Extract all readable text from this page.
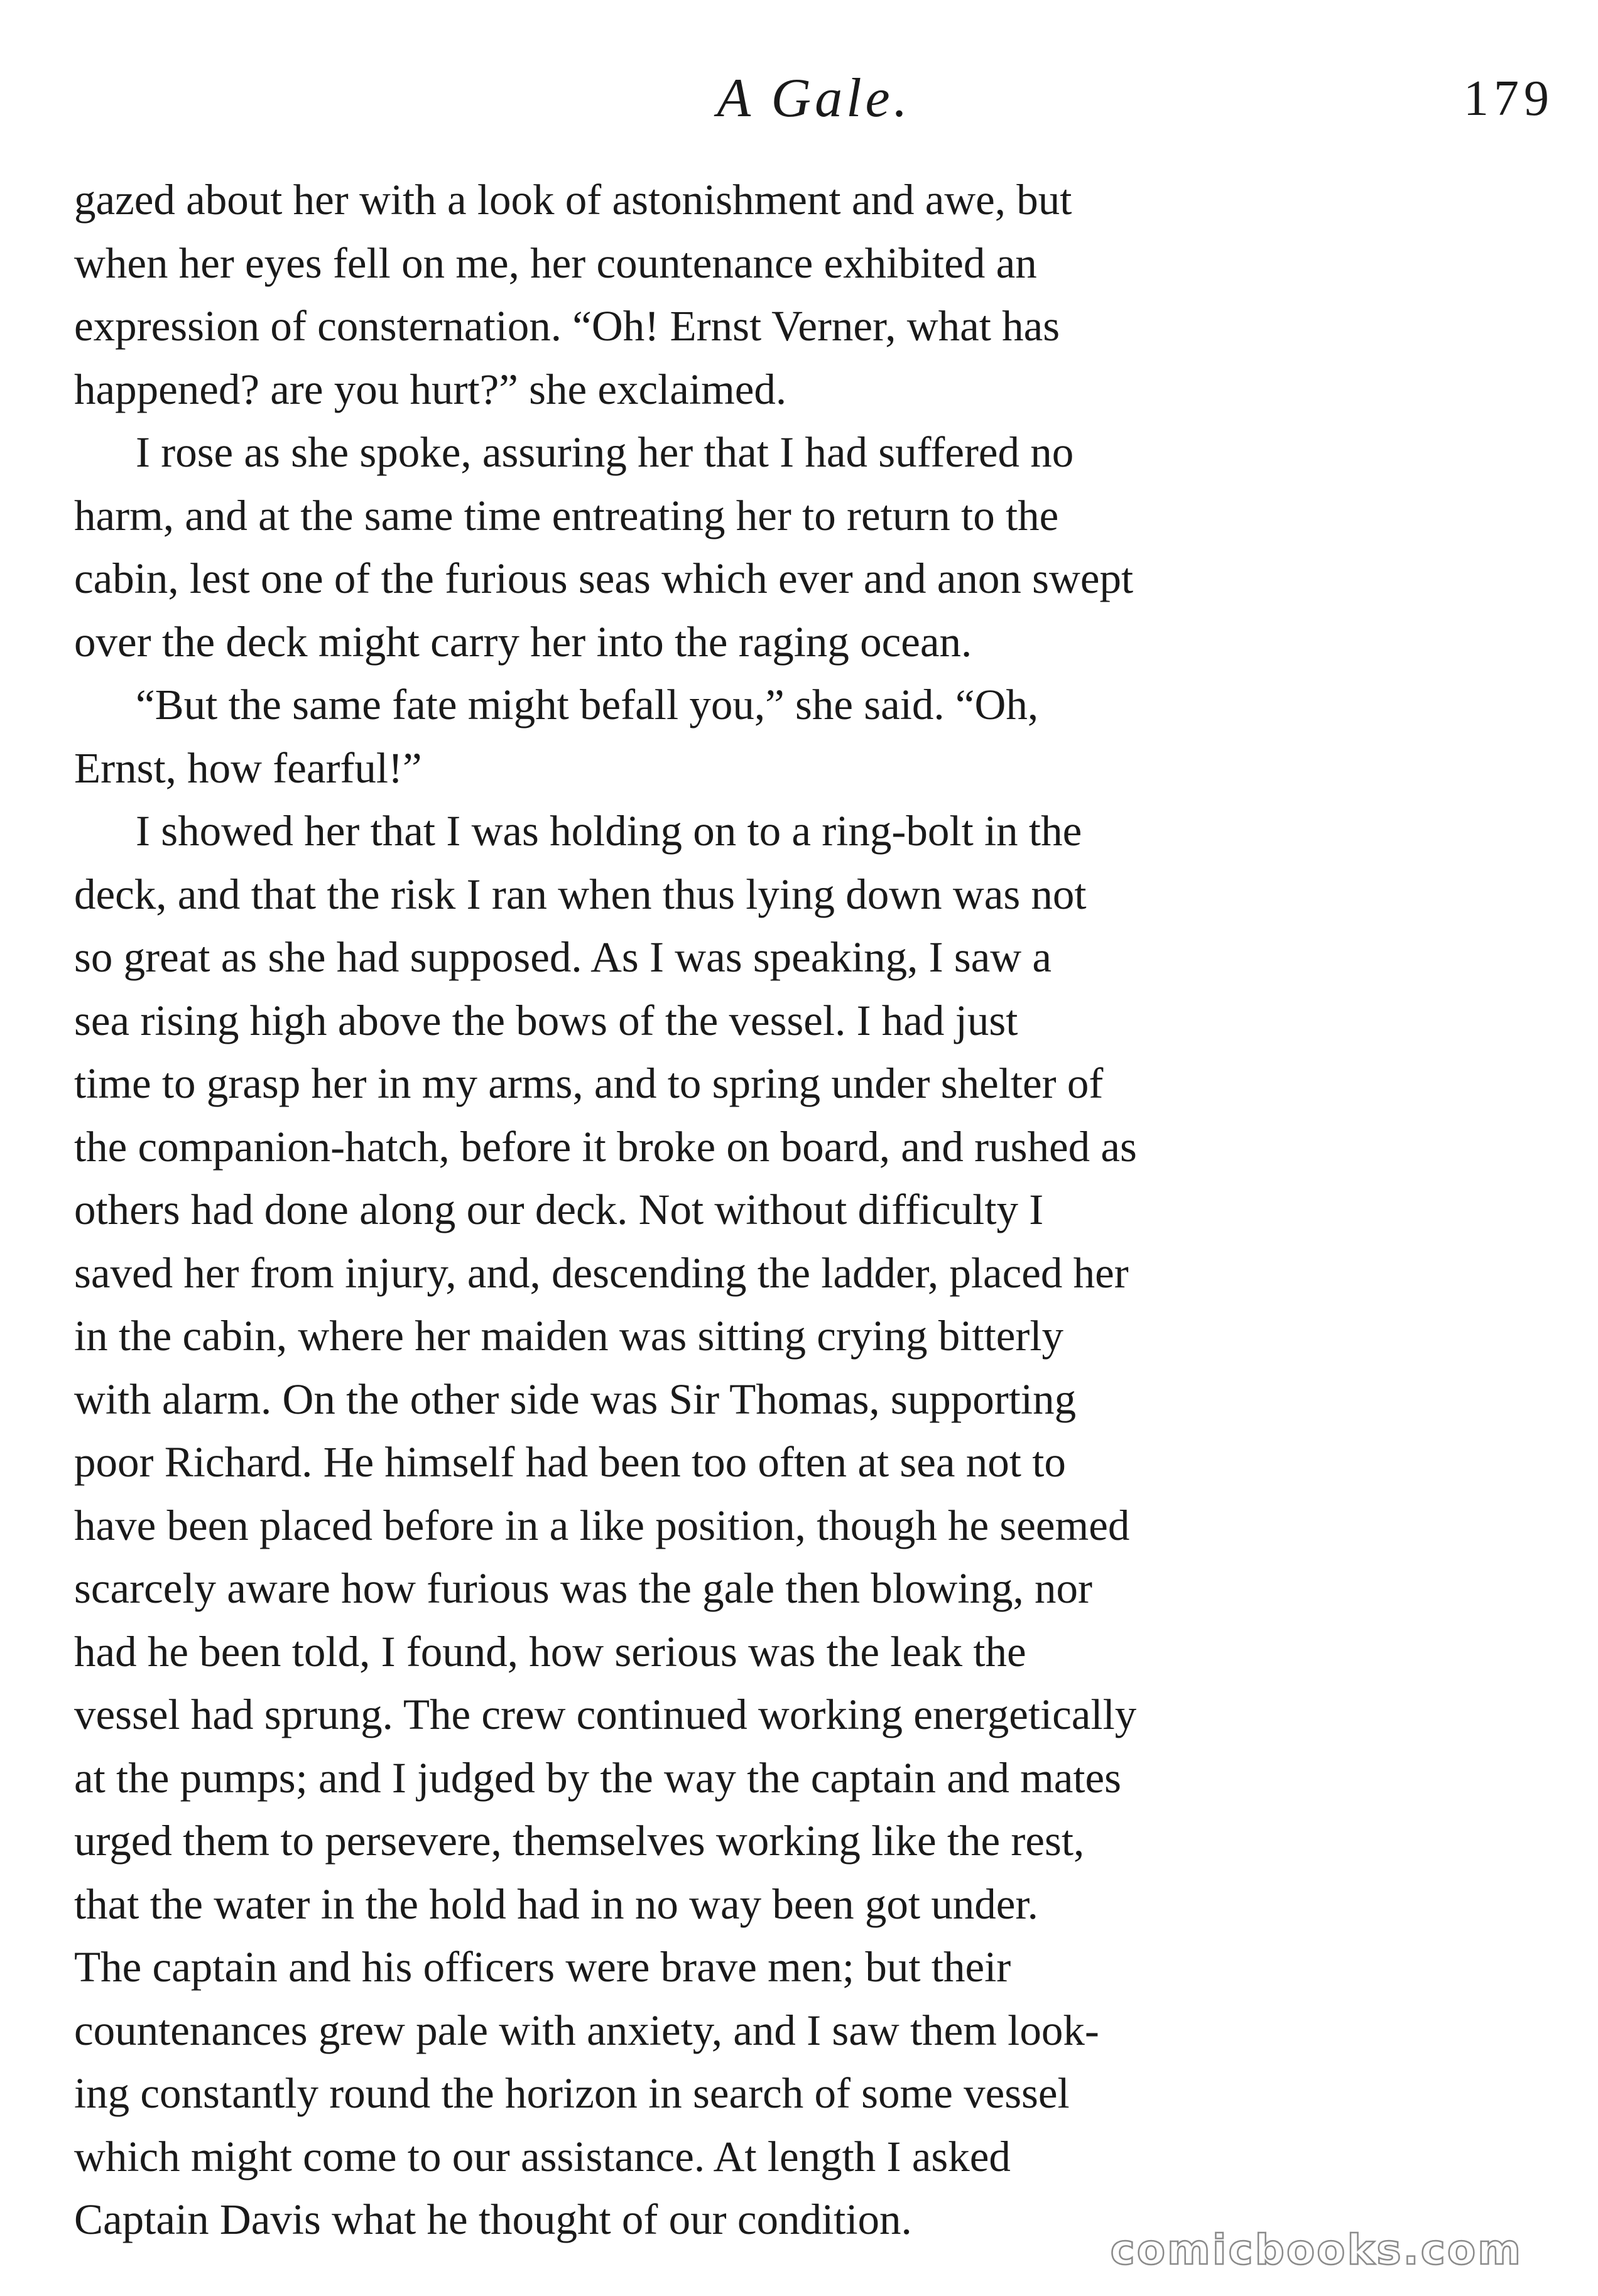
A Gale.	179
gazed about her with a look of astonishment and awe, but
when her eyes fell on me, her countenance exhibited an
expression of consternation. “Oh! Ernst Verner, what has
happened? are you hurt?” she exclaimed.
I rose as she spoke, assuring her that I had suffered no
harm, and at the same time entreating her to return to the
cabin, lest one of the furious seas which ever and anon swept
over the deck might carry her into the raging ocean.
“But the same fate might befall you,” she said. “Oh,
Ernst, how fearful!”
I showed her that I was holding on to a ring-bolt in the
deck, and that the risk I ran when thus lying down was not
so great as she had supposed. As I was speaking, I saw a
sea rising high above the bows of the vessel. I had just
time to grasp her in my arms, and to spring under shelter of
the companion-hatch, before it broke on board, and rushed as
others had done along our deck. Not without difficulty I
saved her from injury, and, descending the ladder, placed her
in the cabin, where her maiden was sitting crying bitterly
with alarm. On the other side was Sir Thomas, supporting
poor Richard. He himself had been too often at sea not to
have been placed before in a like position, though he seemed
scarcely aware how furious was the gale then blowing, nor
had he been told, I found, how serious was the leak the
vessel had sprung. The crew continued working energetically
at the pumps; and I judged by the way the captain and mates
urged them to persevere, themselves working like the rest,
that the water in the hold had in no way been got under.
The captain and his officers were brave men; but their
countenances grew pale with anxiety, and I saw them look-
ing constantly round the horizon in search of some vessel
which might come to our assistance. At length I asked
Captain Davis what he thought of our condition.
comicbooks.com
